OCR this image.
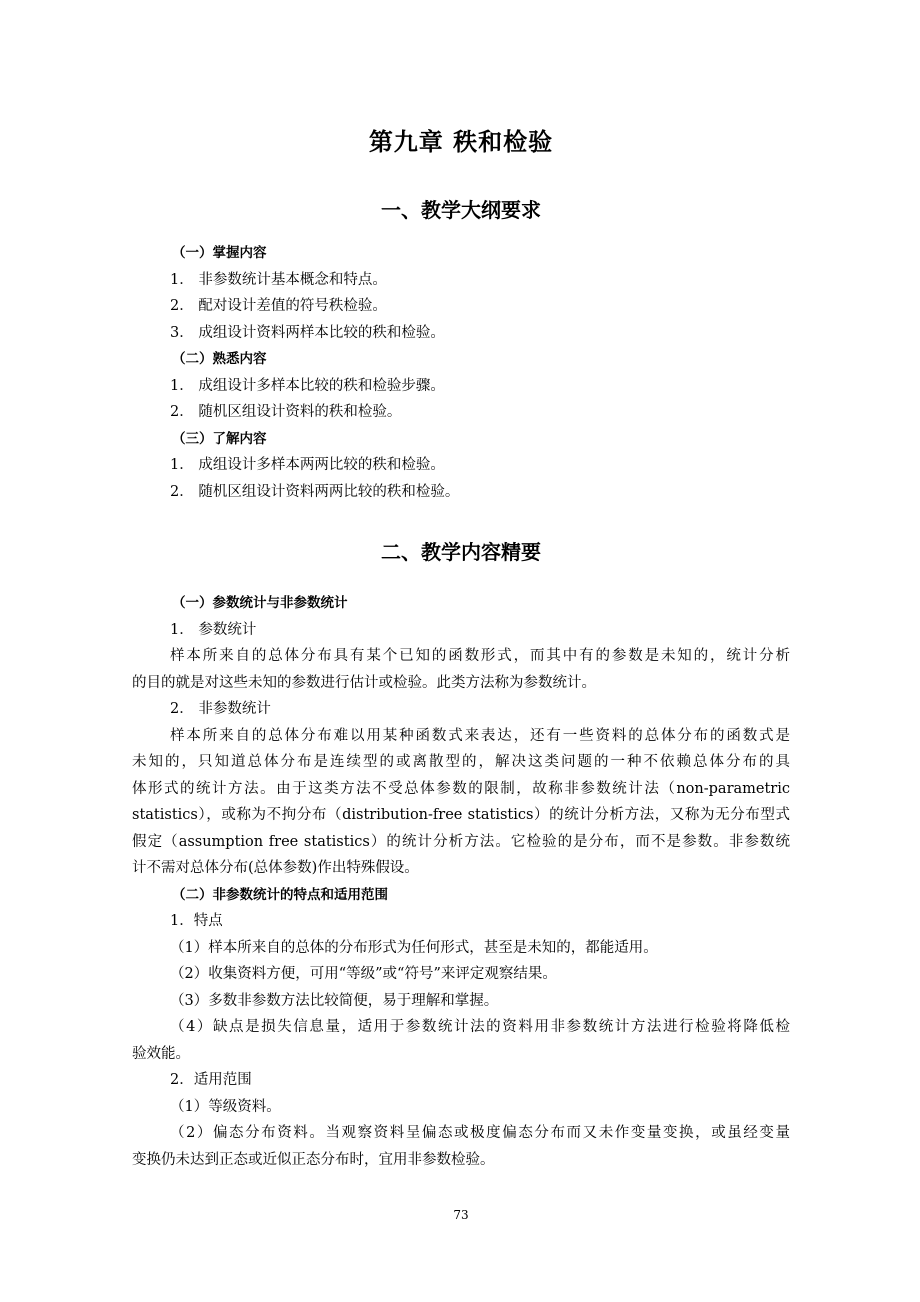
第九章 秩和检验
一、教学大纲要求
（一）掌握内容
1． 非参数统计基本概念和特点。
2． 配对设计差值的符号秩检验。
3． 成组设计资料两样本比较的秩和检验。
（二）熟悉内容
1． 成组设计多样本比较的秩和检验步骤。
2． 随机区组设计资料的秩和检验。
（三）了解内容
1． 成组设计多样本两两比较的秩和检验。
2． 随机区组设计资料两两比较的秩和检验。
二、教学内容精要
（一）参数统计与非参数统计
1． 参数统计
样本所来自的总体分布具有某个已知的函数形式，而其中有的参数是未知的，统计分析
的目的就是对这些未知的参数进行估计或检验。此类方法称为参数统计。
2． 非参数统计
样本所来自的总体分布难以用某种函数式来表达，还有一些资料的总体分布的函数式是
未知的，只知道总体分布是连续型的或离散型的，解决这类问题的一种不依赖总体分布的具
体形式的统计方法。由于这类方法不受总体参数的限制，故称非参数统计法（non-parametric
statistics），或称为不拘分布（distribution-free statistics）的统计分析方法，又称为无分布型式
假定（assumption free statistics）的统计分析方法。它检验的是分布，而不是参数。非参数统
计不需对总体分布(总体参数)作出特殊假设。
（二）非参数统计的特点和适用范围
1．特点
（1）样本所来自的总体的分布形式为任何形式，甚至是未知的，都能适用。
（2）收集资料方便，可用“等级”或“符号”来评定观察结果。
（3）多数非参数方法比较简便，易于理解和掌握。
（4）缺点是损失信息量，适用于参数统计法的资料用非参数统计方法进行检验将降低检
验效能。
2．适用范围
（1）等级资料。
（2）偏态分布资料。当观察资料呈偏态或极度偏态分布而又未作变量变换，或虽经变量
变换仍未达到正态或近似正态分布时，宜用非参数检验。
73
